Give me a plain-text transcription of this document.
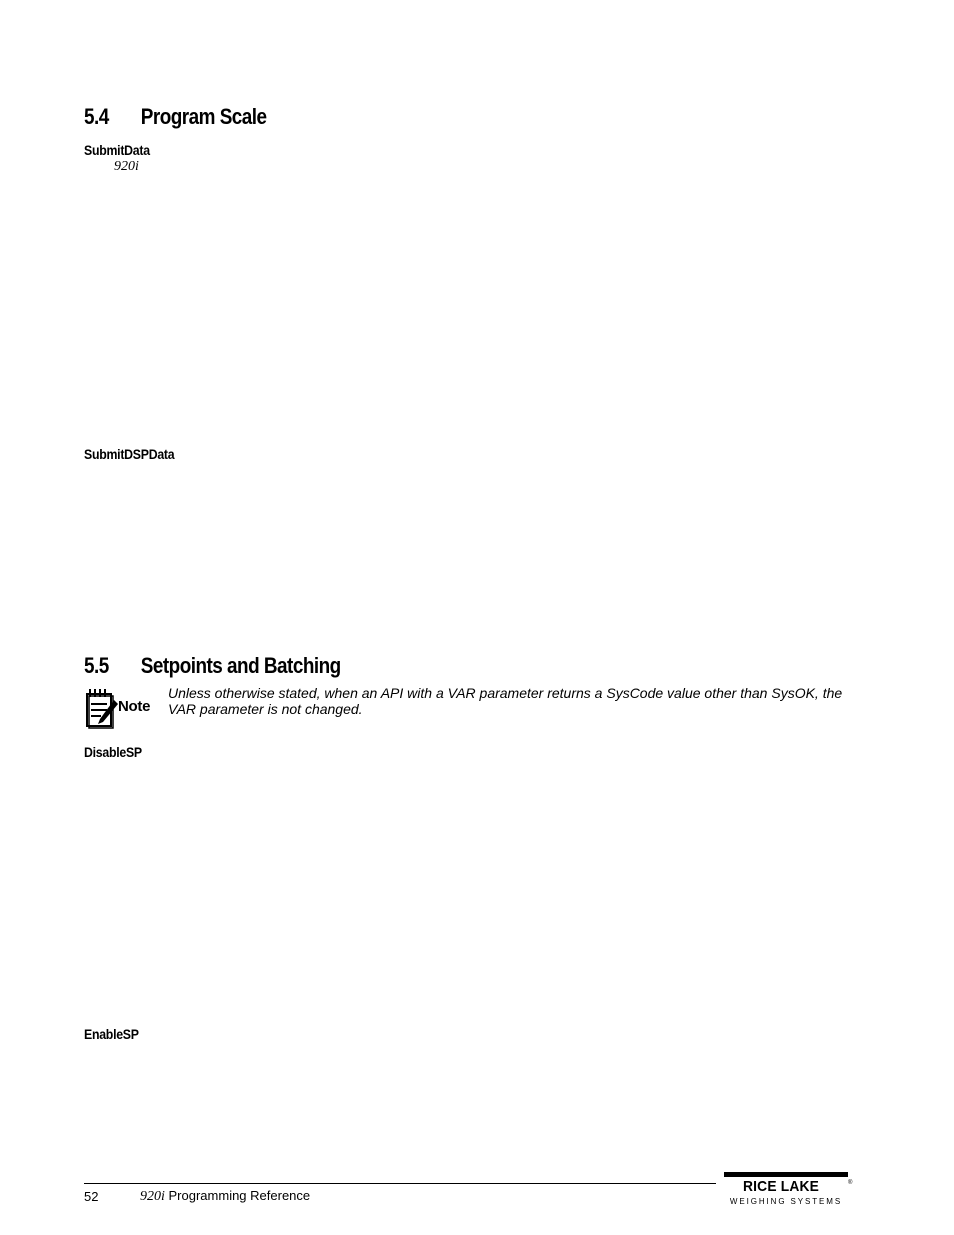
5.4 Program Scale
SubmitData
920i
SubmitDSPData
5.5 Setpoints and Batching
Note
Unless otherwise stated, when an API with a VAR parameter returns a SysCode value other than SysOK, the VAR parameter is not changed.
DisableSP
EnableSP
52	920i Programming Reference
RICE LAKE	®
WEIGHING SYSTEMS
